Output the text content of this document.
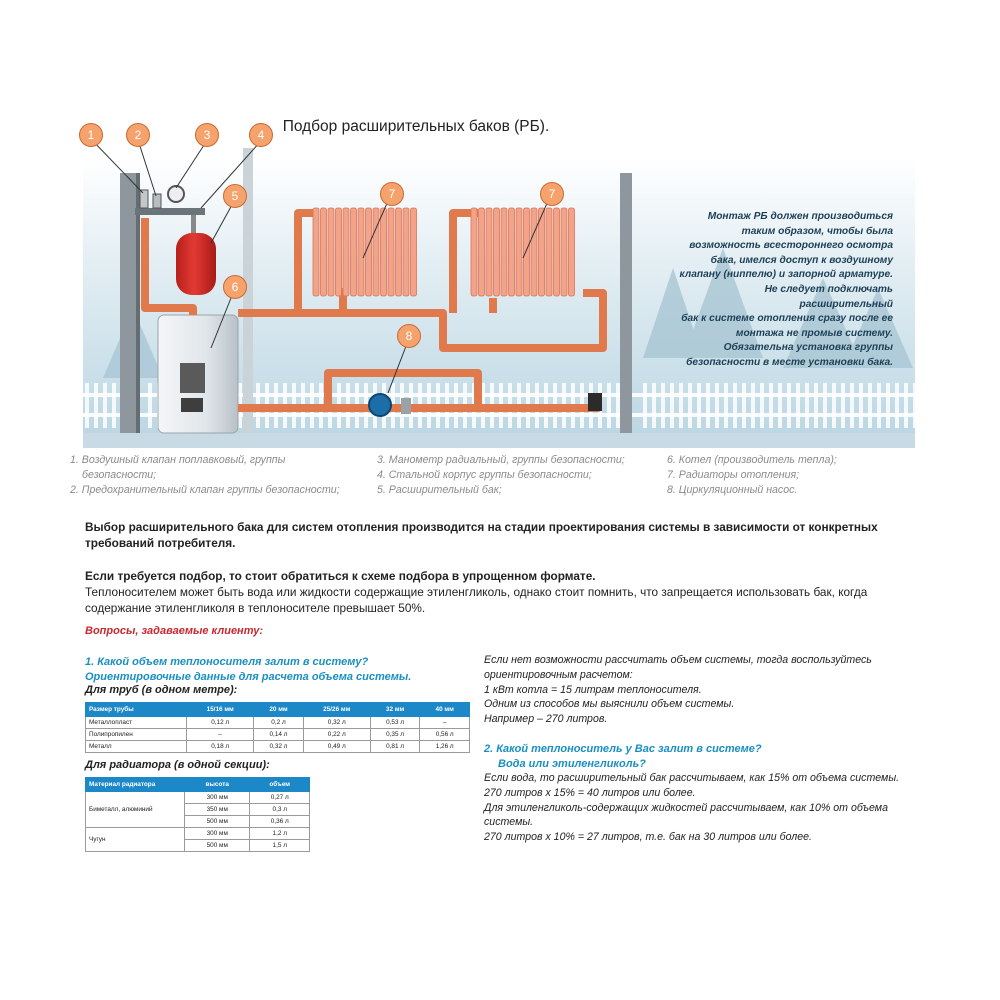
Подбор расширительных баков (РБ).
1	2	3	4
5
6
7	7
8
Монтаж РБ должен производиться
таким образом, чтобы была
возможность всестороннего осмотра
бака, имелся доступ к воздушному
клапану (ниппелю) и запорной арматуре.
Не следует подключать расширительный
бак к системе отопления сразу после ее
монтажа не промыв систему.
Обязательна установка группы
безопасности в месте установки бака.
1. Воздушный клапан поплавковый, группы
безопасности;
2. Предохранительный клапан группы безопасности;
3. Манометр радиальный, группы безопасности;
4. Стальной корпус группы безопасности;
5. Расширительный бак;
6. Котел (производитель тепла);
7. Радиаторы отопления;
8. Циркуляционный насос.
Выбор расширительного бака для систем отопления производится на стадии проектирования системы в зависимости от конкретных
требований потребителя.
Если требуется подбор, то стоит обратиться к схеме подбора в упрощенном формате.
Теплоносителем может быть вода или жидкости содержащие этиленгликоль, однако стоит помнить, что запрещается использовать бак, когда
содержание этиленгликоля в теплоносителе превышает 50%.
Вопросы, задаваемые клиенту:
1. Какой объем теплоносителя залит в систему?
Ориентировочные данные для расчета объема системы.
Для труб (в одном метре):
Размер трубы	15/16 мм	20 мм	25/26 мм	32 мм	40 мм
Металлопласт	0,12 л	0,2 л	0,32 л	0,53 л	–
Полипропилен	–	0,14 л	0,22 л	0,35 л	0,56 л
Металл	0,18 л	0,32 л	0,49 л	0,81 л	1,26 л
Для радиатора (в одной секции):
Материал радиатора	высота	объем
Биметалл, алюминий	300 мм	0,27 л
	350 мм	0,3 л
	500 мм	0,36 л
Чугун	300 мм	1,2 л
	500 мм	1,5 л
Если нет возможности рассчитать объем системы, тогда воспользуйтесь
ориентировочным расчетом:
1 кВт котла = 15 литрам теплоносителя.
Одним из способов мы выяснили объем системы.
Например – 270 литров.
2. Какой теплоноситель у Вас залит в системе?
Вода или этиленгликоль?
Если вода, то расширительный бак рассчитываем, как 15% от объема системы.
270 литров х 15% = 40 литров или более.
Для этиленгликоль-содержащих жидкостей рассчитываем, как 10% от объема
системы.
270 литров х 10% = 27 литров, т.е. бак на 30 литров или более.
